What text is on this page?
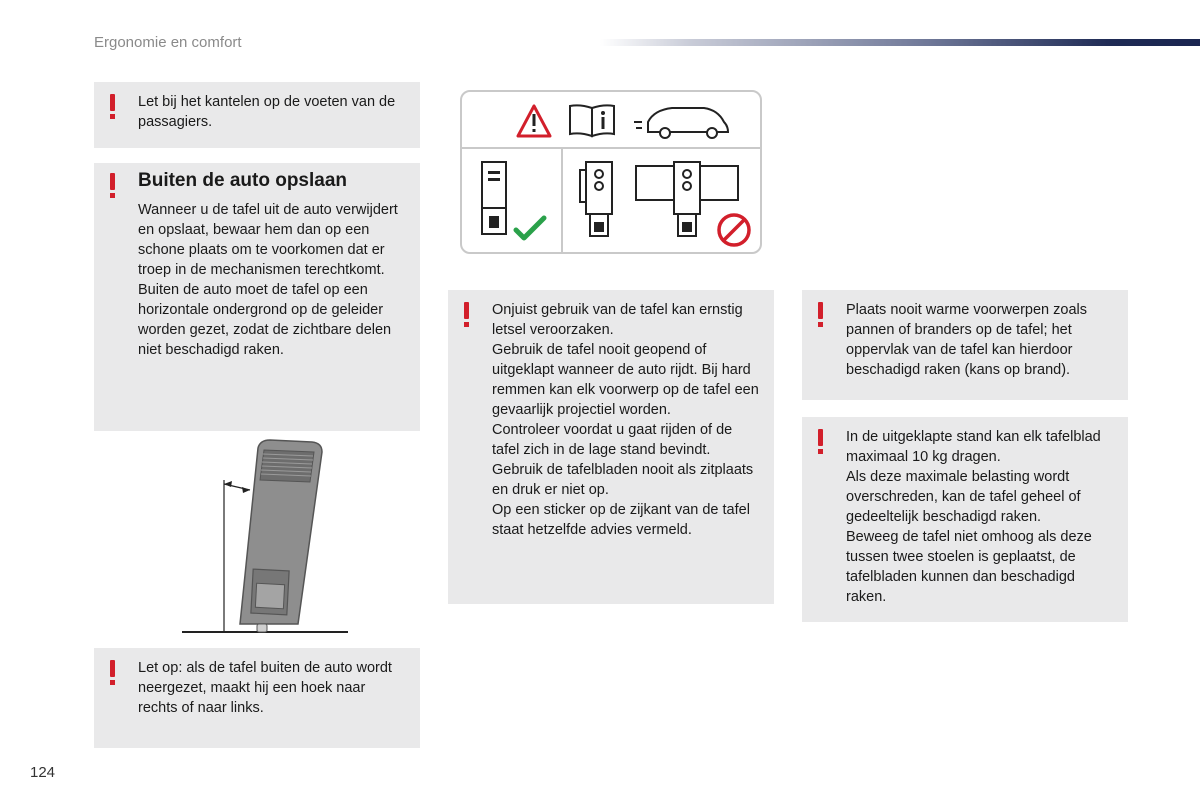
Ergonomie en comfort

Let bij het kantelen op de voeten van de passagiers.

Buiten de auto opslaan

Wanneer u de tafel uit de auto verwijdert en opslaat, bewaar hem dan op een schone plaats om te voorkomen dat er troep in de mechanismen terechtkomt.

Buiten de auto moet de tafel op een horizontale ondergrond op de geleider worden gezet, zodat de zichtbare delen niet beschadigd raken.

Let op: als de tafel buiten de auto wordt neergezet, maakt hij een hoek naar rechts of naar links.

Onjuist gebruik van de tafel kan ernstig letsel veroorzaken.

Gebruik de tafel nooit geopend of uitgeklapt wanneer de auto rijdt. Bij hard remmen kan elk voorwerp op de tafel een gevaarlijk projectiel worden.

Controleer voordat u gaat rijden of de tafel zich in de lage stand bevindt.

Gebruik de tafelbladen nooit als zitplaats en druk er niet op.

Op een sticker op de zijkant van de tafel staat hetzelfde advies vermeld.

Plaats nooit warme voorwerpen zoals pannen of branders op de tafel; het oppervlak van de tafel kan hierdoor beschadigd raken (kans op brand).

In de uitgeklapte stand kan elk tafelblad maximaal 10 kg dragen.

Als deze maximale belasting wordt overschreden, kan de tafel geheel of gedeeltelijk beschadigd raken.

Beweeg de tafel niet omhoog als deze tussen twee stoelen is geplaatst, de tafelbladen kunnen dan beschadigd raken.

124
